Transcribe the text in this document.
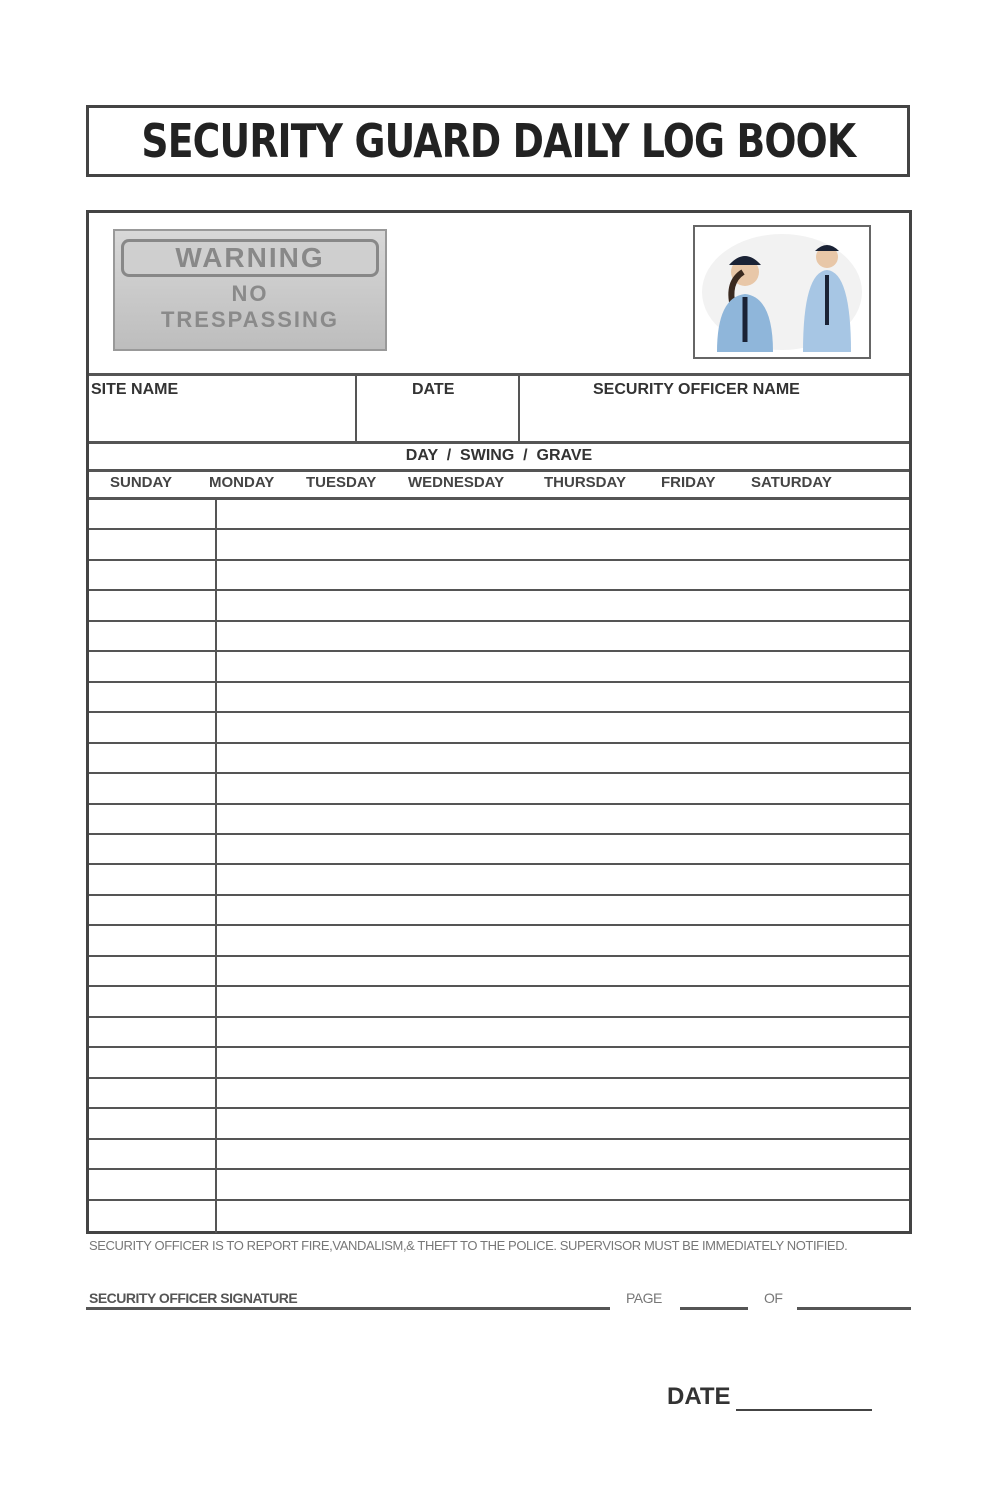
SECURITY GUARD DAILY LOG BOOK
WARNING
NO
TRESPASSING
SITE NAME	DATE	SECURITY OFFICER NAME
DAY  /  SWING  /  GRAVE
SUNDAY MONDAY TUESDAY WEDNESDAY	THURSDAY FRIDAY SATURDAY
SECURITY OFFICER IS TO REPORT FIRE,VANDALISM,& THEFT TO THE POLICE. SUPERVISOR MUST BE IMMEDIATELY NOTIFIED.
SECURITY OFFICER SIGNATURE	PAGE	OF
DATE
